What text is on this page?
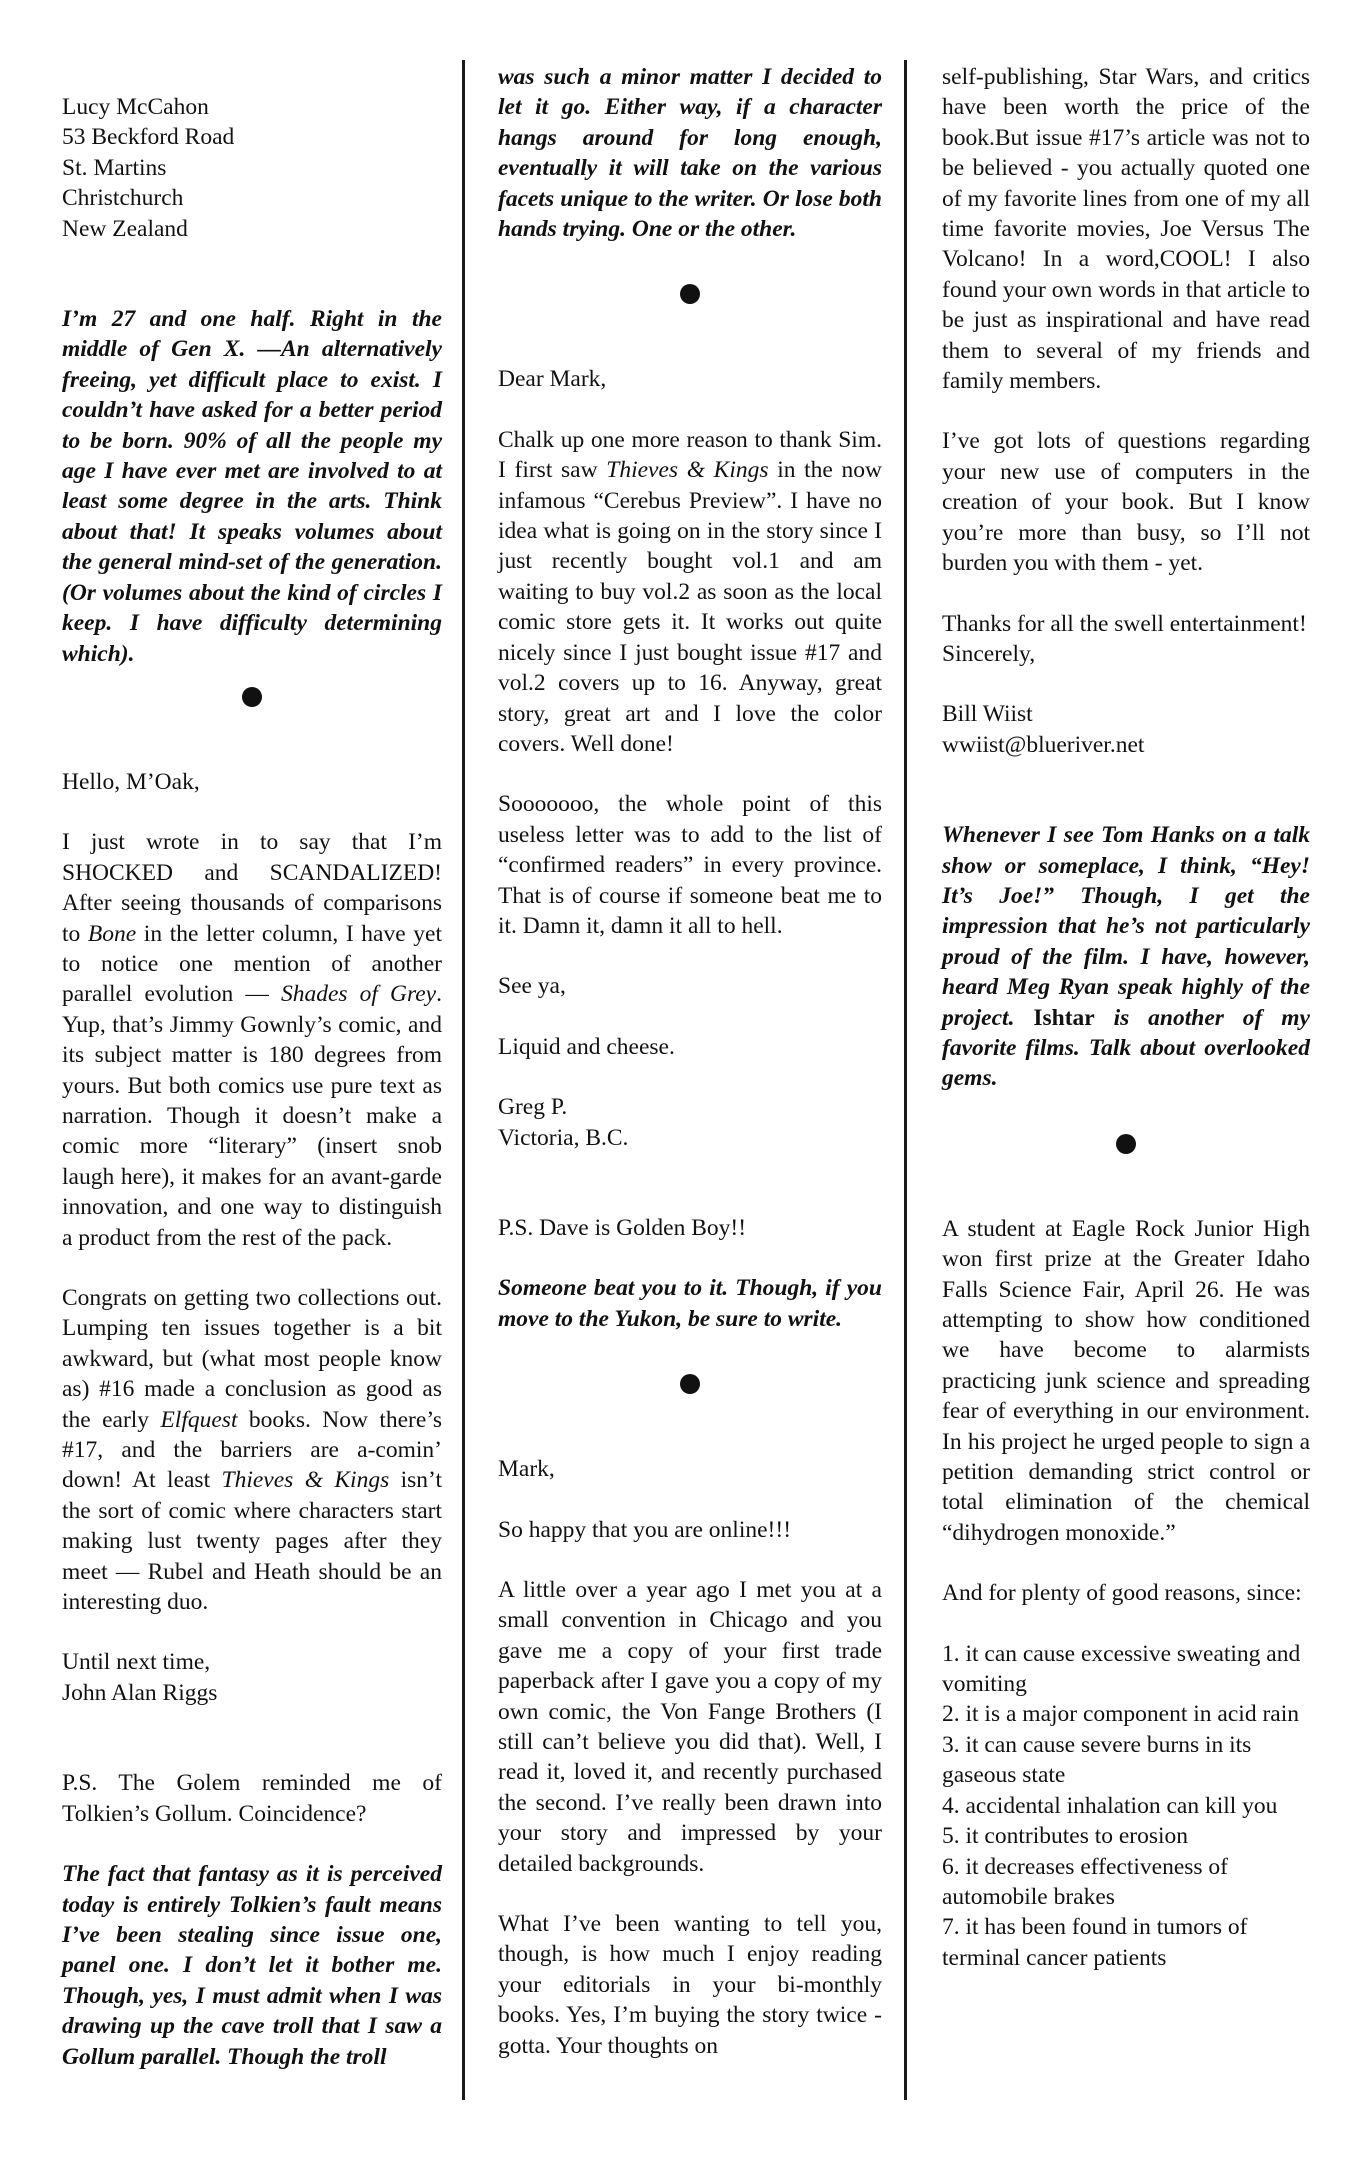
Lucy McCahon
53 Beckford Road
St. Martins
Christchurch
New Zealand

I’m 27 and one half. Right in the middle of Gen X. —An alternatively freeing, yet difficult place to exist. I couldn’t have asked for a better period to be born. 90% of all the people my age I have ever met are involved to at least some degree in the arts. Think about that! It speaks volumes about the general mind-set of the generation. (Or volumes about the kind of circles I keep. I have difficulty determining which).

Hello, M’Oak,

I just wrote in to say that I’m SHOCKED and SCANDALIZED! After seeing thousands of comparisons to Bone in the letter column, I have yet to notice one mention of another parallel evolution — Shades of Grey. Yup, that’s Jimmy Gownly’s comic, and its subject matter is 180 degrees from yours. But both comics use pure text as narration. Though it doesn’t make a comic more “literary” (insert snob laugh here), it makes for an avant-garde innovation, and one way to distinguish a product from the rest of the pack.

Congrats on getting two collections out. Lumping ten issues together is a bit awkward, but (what most people know as) #16 made a conclusion as good as the early Elfquest books. Now there’s #17, and the barriers are a-comin’ down! At least Thieves & Kings isn’t the sort of comic where characters start making lust twenty pages after they meet — Rubel and Heath should be an interesting duo.

Until next time,
John Alan Riggs

P.S. The Golem reminded me of Tolkien’s Gollum. Coincidence?

The fact that fantasy as it is perceived today is entirely Tolkien’s fault means I’ve been stealing since issue one, panel one. I don’t let it bother me. Though, yes, I must admit when I was drawing up the cave troll that I saw a Gollum parallel. Though the troll

was such a minor matter I decided to let it go. Either way, if a character hangs around for long enough, eventually it will take on the various facets unique to the writer. Or lose both hands trying. One or the other.

Dear Mark,

Chalk up one more reason to thank Sim. I first saw Thieves & Kings in the now infamous “Cerebus Preview”. I have no idea what is going on in the story since I just recently bought vol.1 and am waiting to buy vol.2 as soon as the local comic store gets it. It works out quite nicely since I just bought issue #17 and vol.2 covers up to 16. Anyway, great story, great art and I love the color covers. Well done!

Sooooooo, the whole point of this useless letter was to add to the list of “confirmed readers” in every province. That is of course if someone beat me to it. Damn it, damn it all to hell.

See ya,

Liquid and cheese.

Greg P.
Victoria, B.C.

P.S. Dave is Golden Boy!!

Someone beat you to it. Though, if you move to the Yukon, be sure to write.

Mark,

So happy that you are online!!!

A little over a year ago I met you at a small convention in Chicago and you gave me a copy of your first trade paperback after I gave you a copy of my own comic, the Von Fange Brothers (I still can’t believe you did that). Well, I read it, loved it, and recently purchased the second. I’ve really been drawn into your story and impressed by your detailed backgrounds.

What I’ve been wanting to tell you, though, is how much I enjoy reading your editorials in your bi-monthly books. Yes, I’m buying the story twice - gotta. Your thoughts on

self-publishing, Star Wars, and critics have been worth the price of the book.But issue #17’s article was not to be believed - you actually quoted one of my favorite lines from one of my all time favorite movies, Joe Versus The Volcano! In a word,COOL! I also found your own words in that article to be just as inspirational and have read them to several of my friends and family members.

I’ve got lots of questions regarding your new use of computers in the creation of your book. But I know you’re more than busy, so I’ll not burden you with them - yet.

Thanks for all the swell entertainment!
Sincerely,

Bill Wiist
wwiist@blueriver.net

Whenever I see Tom Hanks on a talk show or someplace, I think, “Hey! It’s Joe!” Though, I get the impression that he’s not particularly proud of the film. I have, however, heard Meg Ryan speak highly of the project. Ishtar is another of my favorite films. Talk about overlooked gems.

A student at Eagle Rock Junior High won first prize at the Greater Idaho Falls Science Fair, April 26. He was attempting to show how conditioned we have become to alarmists practicing junk science and spreading fear of everything in our environment. In his project he urged people to sign a petition demanding strict control or total elimination of the chemical “dihydrogen monoxide.”

And for plenty of good reasons, since:

1. it can cause excessive sweating and vomiting
2. it is a major component in acid rain
3. it can cause severe burns in its gaseous state
4. accidental inhalation can kill you
5. it contributes to erosion
6. it decreases effectiveness of automobile brakes
7. it has been found in tumors of terminal cancer patients
